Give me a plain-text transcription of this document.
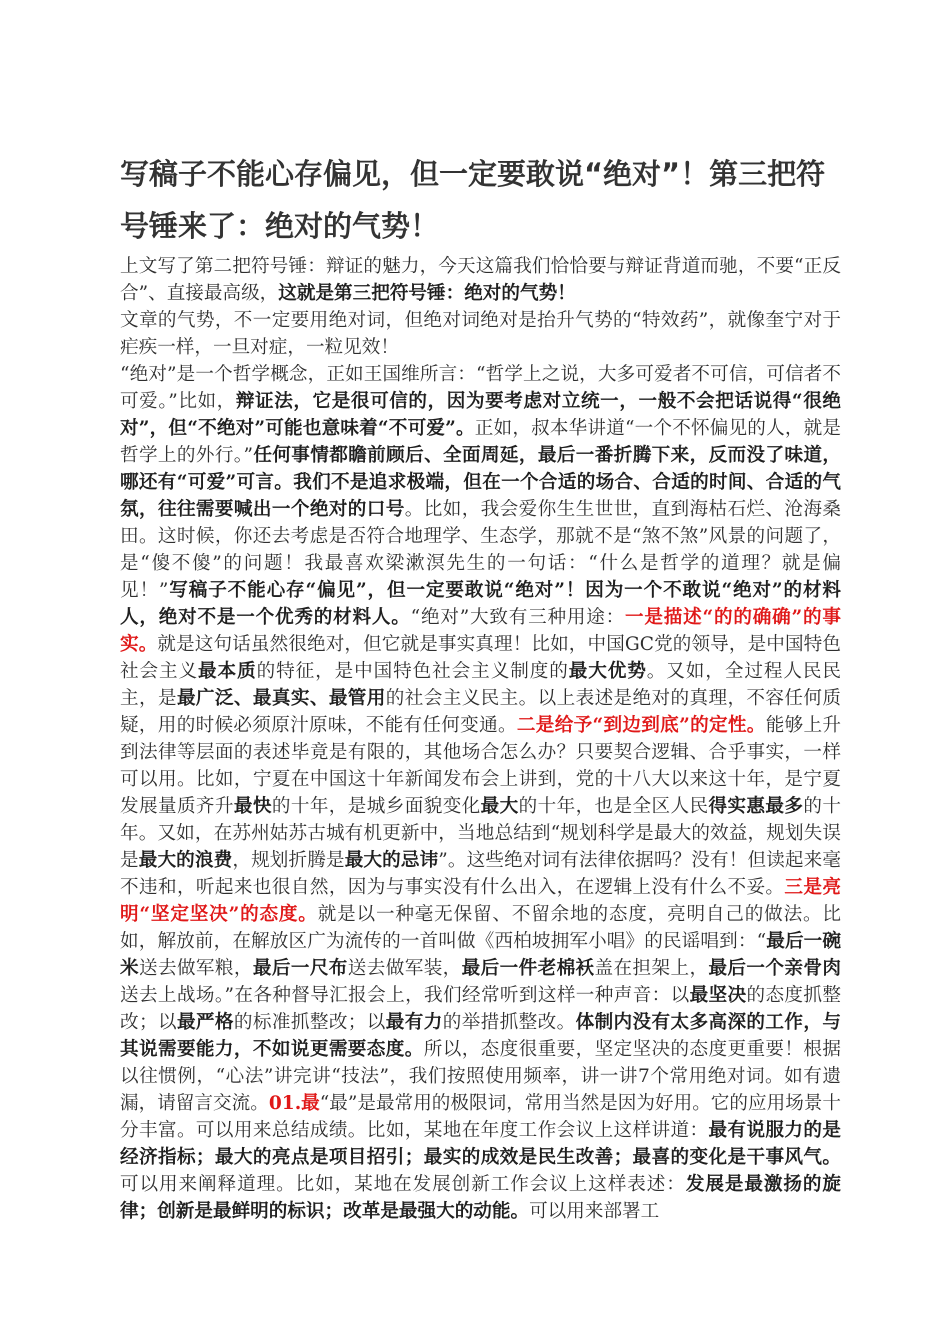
写稿子不能心存偏见，但一定要敢说“绝对”！第三把符号锤来了：绝对的气势！

上文写了第二把符号锤：辩证的魅力，今天这篇我们恰恰要与辩证背道而驰，不要“正反合”、直接最高级，这就是第三把符号锤：绝对的气势！

文章的气势，不一定要用绝对词，但绝对词绝对是抬升气势的“特效药”，就像奎宁对于疟疾一样，一旦对症，一粒见效！

“绝对”是一个哲学概念，正如王国维所言：“哲学上之说，大多可爱者不可信，可信者不可爱。”比如，辩证法，它是很可信的，因为要考虑对立统一，一般不会把话说得“很绝对”，但“不绝对”可能也意味着“不可爱”。正如，叔本华讲道“一个不怀偏见的人，就是哲学上的外行。”任何事情都瞻前顾后、全面周延，最后一番折腾下来，反而没了味道，哪还有“可爱”可言。我们不是追求极端，但在一个合适的场合、合适的时间、合适的气氛，往往需要喊出一个绝对的口号。比如，我会爱你生生世世，直到海枯石烂、沧海桑田。这时候，你还去考虑是否符合地理学、生态学，那就不是“煞不煞”风景的问题了，是“傻不傻”的问题！我最喜欢梁漱溟先生的一句话：“什么是哲学的道理？就是偏见！”写稿子不能心存“偏见”，但一定要敢说“绝对”！因为一个不敢说“绝对”的材料人，绝对不是一个优秀的材料人。“绝对”大致有三种用途：一是描述“的的确确”的事实。就是这句话虽然很绝对，但它就是事实真理！比如，中国GC党的领导，是中国特色社会主义最本质的特征，是中国特色社会主义制度的最大优势。又如，全过程人民民主，是最广泛、最真实、最管用的社会主义民主。以上表述是绝对的真理，不容任何质疑，用的时候必须原汁原味，不能有任何变通。二是给予“到边到底”的定性。能够上升到法律等层面的表述毕竟是有限的，其他场合怎么办？只要契合逻辑、合乎事实，一样可以用。比如，宁夏在中国这十年新闻发布会上讲到，党的十八大以来这十年，是宁夏发展量质齐升最快的十年，是城乡面貌变化最大的十年，也是全区人民得实惠最多的十年。又如，在苏州姑苏古城有机更新中，当地总结到“规划科学是最大的效益，规划失误是最大的浪费，规划折腾是最大的忌讳”。这些绝对词有法律依据吗？没有！但读起来毫不违和，听起来也很自然，因为与事实没有什么出入，在逻辑上没有什么不妥。三是亮明“坚定坚决”的态度。就是以一种毫无保留、不留余地的态度，亮明自己的做法。比如，解放前，在解放区广为流传的一首叫做《西柏坡拥军小唱》的民谣唱到：“最后一碗米送去做军粮，最后一尺布送去做军装，最后一件老棉袄盖在担架上，最后一个亲骨肉送去上战场。”在各种督导汇报会上，我们经常听到这样一种声音：以最坚决的态度抓整改；以最严格的标准抓整改；以最有力的举措抓整改。体制内没有太多高深的工作，与其说需要能力，不如说更需要态度。所以，态度很重要，坚定坚决的态度更重要！根据以往惯例，“心法”讲完讲“技法”，我们按照使用频率，讲一讲7个常用绝对词。如有遗漏，请留言交流。01.最“最”是最常用的极限词，常用当然是因为好用。它的应用场景十分丰富。可以用来总结成绩。比如，某地在年度工作会议上这样讲道：最有说服力的是经济指标；最大的亮点是项目招引；最实的成效是民生改善；最喜的变化是干事风气。可以用来阐释道理。比如，某地在发展创新工作会议上这样表述：发展是最激扬的旋律；创新是最鲜明的标识；改革是最强大的动能。可以用来部署工
